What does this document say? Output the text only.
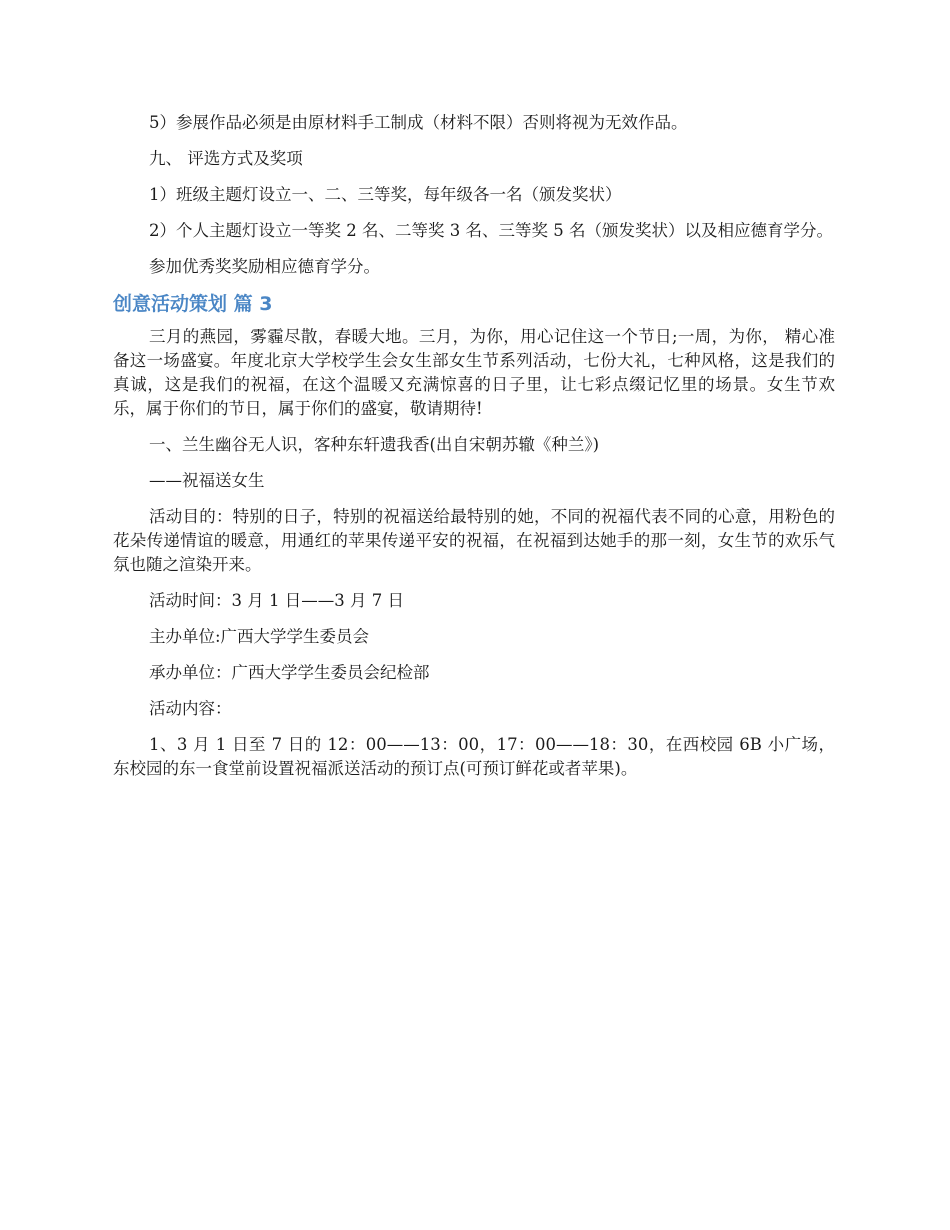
5）参展作品必须是由原材料手工制成（材料不限）否则将视为无效作品。

九、 评选方式及奖项

1）班级主题灯设立一、二、三等奖，每年级各一名（颁发奖状）

2）个人主题灯设立一等奖 2 名、二等奖 3 名、三等奖 5 名（颁发奖状）以及相应德育学分。

参加优秀奖奖励相应德育学分。

创意活动策划 篇 3

三月的燕园，雾霾尽散，春暖大地。三月，为你，用心记住这一个节日;一周，为你， 精心准备这一场盛宴。年度北京大学校学生会女生部女生节系列活动，七份大礼，七种风格，这是我们的真诚，这是我们的祝福，在这个温暖又充满惊喜的日子里，让七彩点缀记忆里的场景。女生节欢乐，属于你们的节日，属于你们的盛宴，敬请期待!

一、兰生幽谷无人识，客种东轩遗我香(出自宋朝苏辙《种兰》)

——祝福送女生

活动目的：特别的日子，特别的祝福送给最特别的她，不同的祝福代表不同的心意，用粉色的花朵传递情谊的暖意，用通红的苹果传递平安的祝福，在祝福到达她手的那一刻，女生节的欢乐气氛也随之渲染开来。

活动时间：3 月 1 日——3 月 7 日

主办单位:广西大学学生委员会

承办单位：广西大学学生委员会纪检部

活动内容：

1、3 月 1 日至 7 日的 12：00——13：00，17：00——18：30，在西校园 6B 小广场，东校园的东一食堂前设置祝福派送活动的预订点(可预订鲜花或者苹果)。
